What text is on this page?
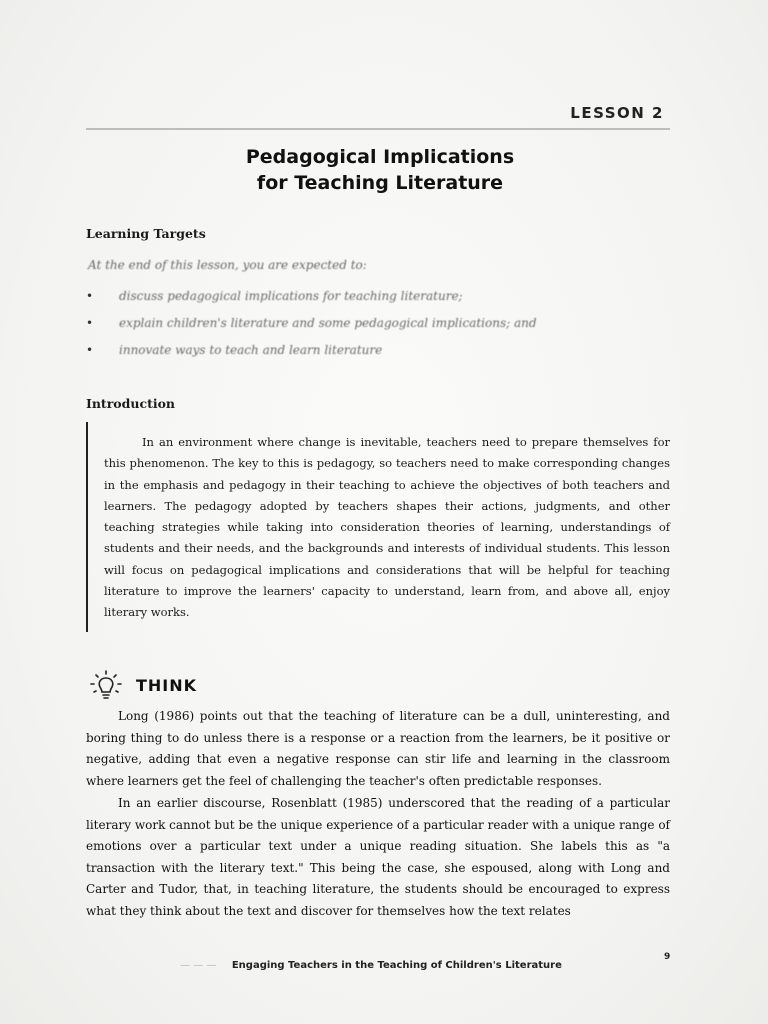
LESSON 2
Pedagogical Implications
for Teaching Literature
Learning Targets
At the end of this lesson, you are expected to:
• discuss pedagogical implications for teaching literature;
• explain children's literature and some pedagogical implications; and
• innovate ways to teach and learn literature
Introduction

In an environment where change is inevitable, teachers need to prepare themselves for this phenomenon. The key to this is pedagogy, so teachers need to make corresponding changes in the emphasis and pedagogy in their teaching to achieve the objectives of both teachers and learners. The pedagogy adopted by teachers shapes their actions, judgments, and other teaching strategies while taking into consideration theories of learning, understandings of students and their needs, and the backgrounds and interests of individual students. This lesson will focus on pedagogical implications and considerations that will be helpful for teaching literature to improve the learners' capacity to understand, learn from, and above all, enjoy literary works.

THINK

Long (1986) points out that the teaching of literature can be a dull, uninteresting, and boring thing to do unless there is a response or a reaction from the learners, be it positive or negative, adding that even a negative response can stir life and learning in the classroom where learners get the feel of challenging the teacher's often predictable responses.

In an earlier discourse, Rosenblatt (1985) underscored that the reading of a particular literary work cannot but be the unique experience of a particular reader with a unique range of emotions over a particular text under a unique reading situation. She labels this as "a transaction with the literary text." This being the case, she espoused, along with Long and Carter and Tudor, that, in teaching literature, the students should be encouraged to express what they think about the text and discover for themselves how the text relates

— — — Engaging Teachers in the Teaching of Children's Literature
9
